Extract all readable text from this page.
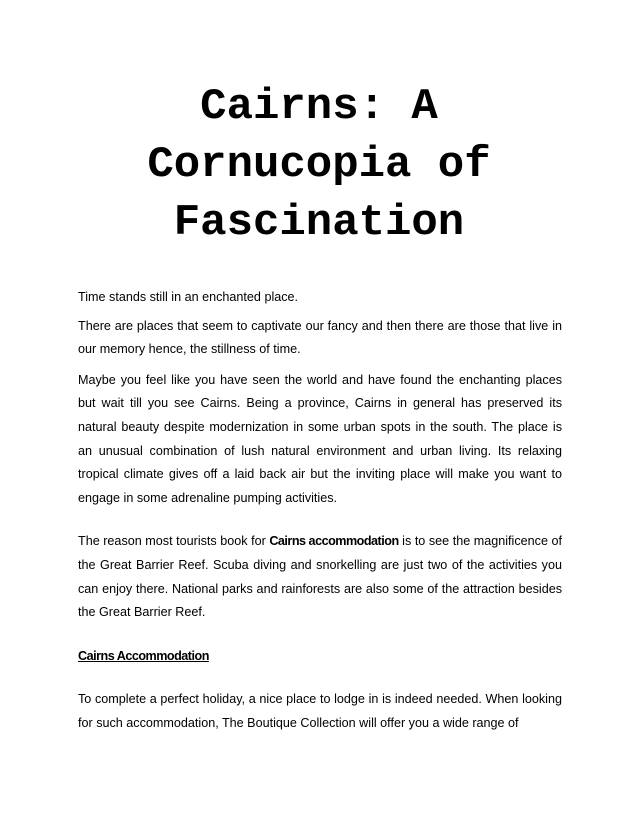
Cairns: A
Cornucopia of
Fascination

Time stands still in an enchanted place.

There are places that seem to captivate our fancy and then there are those that live in our memory hence, the stillness of time.

Maybe you feel like you have seen the world and have found the enchanting places but wait till you see Cairns. Being a province, Cairns in general has preserved its natural beauty despite modernization in some urban spots in the south. The place is an unusual combination of lush natural environment and urban living. Its relaxing tropical climate gives off a laid back air but the inviting place will make you want to engage in some adrenaline pumping activities.

The reason most tourists book for Cairns accommodation is to see the magnificence of the Great Barrier Reef. Scuba diving and snorkelling are just two of the activities you can enjoy there. National parks and rainforests are also some of the attraction besides the Great Barrier Reef.

Cairns Accommodation

To complete a perfect holiday, a nice place to lodge in is indeed needed. When looking for such accommodation, The Boutique Collection will offer you a wide range of
